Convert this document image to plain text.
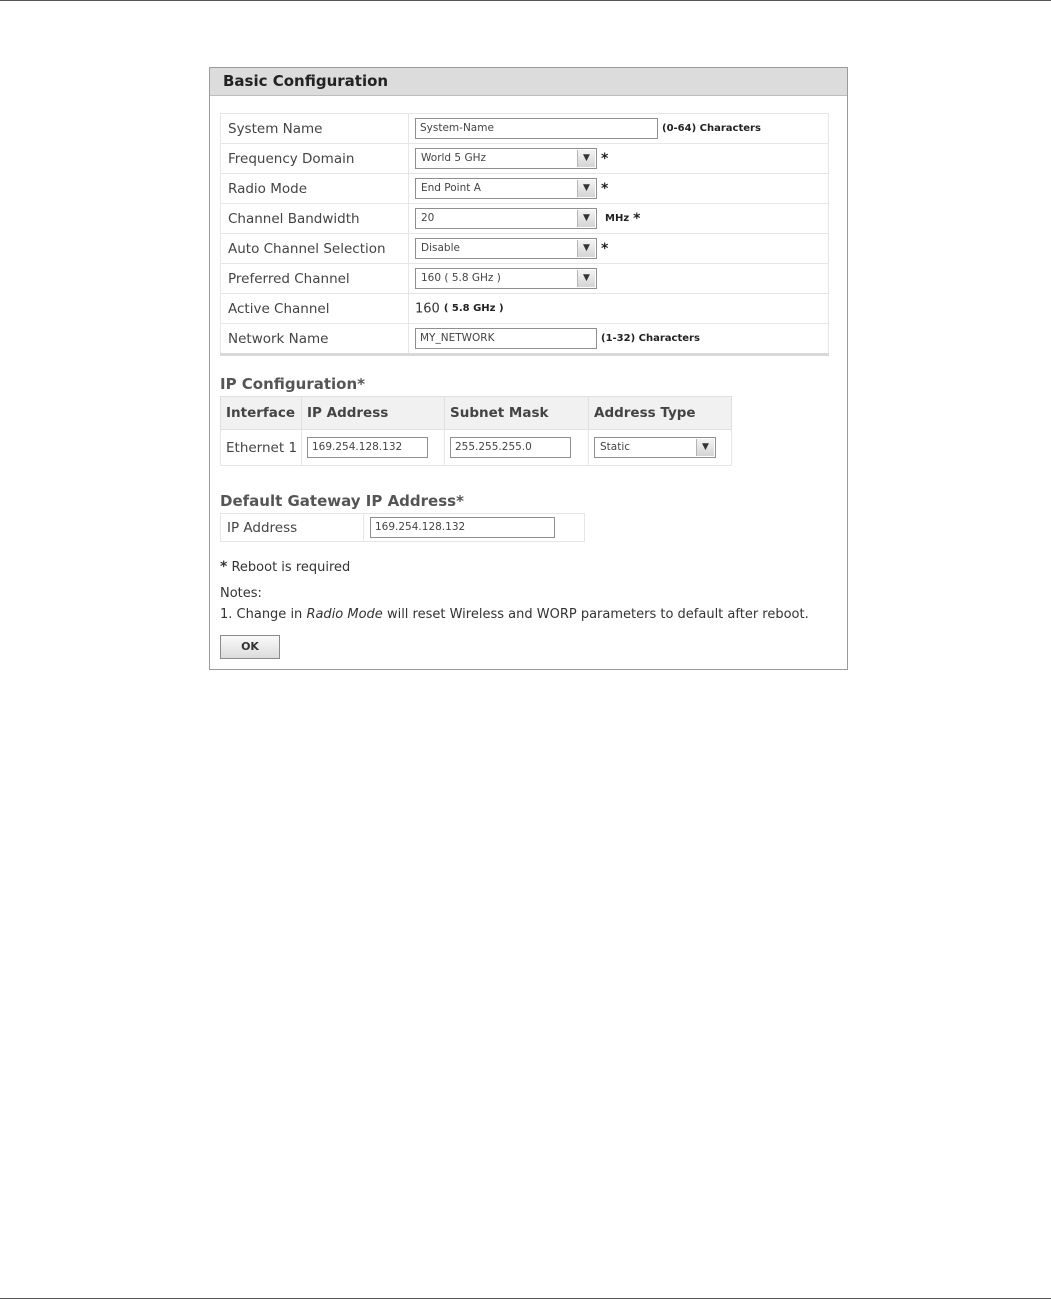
Basic Configuration
System Name	System-Name (0-64) Characters
Frequency Domain	World 5 GHz ▼ *
Radio Mode	End Point A ▼ *
Channel Bandwidth	20 ▼ MHz *
Auto Channel Selection	Disable ▼ *
Preferred Channel	160 ( 5.8 GHz ) ▼

Active Channel	160 ( 5.8 GHz )
Network Name	MY_NETWORK (1-32) Characters
IP Configuration*
Interface	IP Address	Subnet Mask	Address Type
Ethernet 1	169.254.128.132	255.255.255.0	Static ▼
Default Gateway IP Address*
IP Address	169.254.128.132
* Reboot is required
Notes:
1. Change in Radio Mode will reset Wireless and WORP parameters to default after reboot.
OK
